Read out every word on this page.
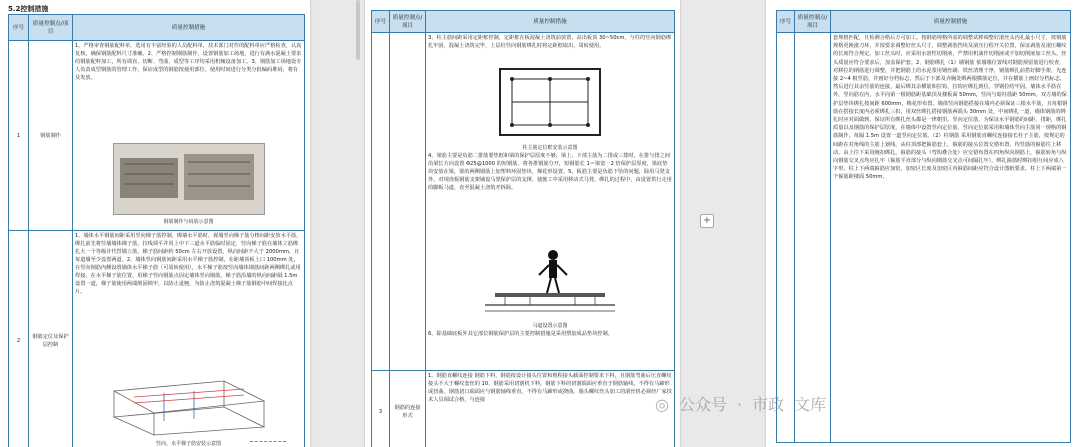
5.2控制措施
序号	质量控制点/项目	质量控制措施
1	钢筋制作	1、严格审查钢筋配料单，选用有丰富经验的人员配料单，技术部门对作的配料单应严格检查，认真复核，确保钢筋配料尺寸准确。2、严格控制钢筋制作，设置钢筋加工场地，进行有满水混凝土要求的钢筋配料加工，所有调直、切断、弯曲、成型等工序均采用机械设备加工。3、钢筋加工场地设专人负责成型钢筋的管理工作，保证成型的钢筋按使用部位、使用时间进行分类分批编码堆码，将有及发放。
钢筋制作与码放示意图

2	钢筋定位及保护层控制	1、墙体水平钢筋间距采用竖向梯子筋控制，绑墙水平筋时，视墙竖向梯子筋分格间距安放水平筋，绑扎前先将竖墙墙体梯子筋，拉线调平并用上中下三道水平筋临时固定，竖向梯子筋在墙体立筋绑扎大一个等级并代替墙立筋，梯子筋间距约 50cm 左右开放设置，纵向间距不大于 2000mm，且每道墙至少设置两道。2、墙体竖向钢筋间距采用水平梯子筋控制，在距墙顶板上口 100mm 处，在竖向钢筋内侧设置墙体水平梯子筋（可周转使用），水平梯子筋按竖向墙体钢筋间距两侧绑扎或用焊接，在水平梯子筋位置，用梯子竖向钢筋点固定墙体竖向钢筋，梯子筋沿墙的纵向间距隔 1.5m 设置一道，梯子筋使用两端削固锁牢，以防止退翘，为防止浇筑混凝土梯子筋钢筋中间焊接比点片。
竖向、水平梯子筋安装示意图
序号	质量控制点/项目	质量控制措施

		3、柱主筋间距采用定距框控制，定距框在板混凝土浇筑前放置，高出板顶 30~50cm，与柱的竖向钢筋绑扎牢固，混凝土浇筑完毕，上层柱竖向钢筋绑扎时将定距框取出，周转使用。
柱主筋定位框安装示意图
4、梁筋主要是负筋二排筋要垫框和梁的保护层厚度不够，梁上、下部主筋为二排或三排时，在排与排之间沿梁长方向设置 Φ25@1000 的短钢筋，将各排钢筋分开，短钢筋长 1＝梁宽一2 倍保护层厚度，梁底垫块安放在梁，梁的两侧钢筋上加塑料环固垫块，梯花形设置。5、板筋主要是负筋下坠的问题，除用马凳支外，对现浇板钢筋支架铺设马凳保护层的支撑，使施工中采用移动式马凳，绑扎的过程中，由设置供行走用的脚板马道，直至混凝土浇筑开拆除。
马道设置示意图
6、除基础底板外其它部位钢筋保护层的主要控制措施是采用塑胶成品垫块控制。

3	钢筋的连接形式	1、钢筋直螺纹连接 钢筋下料，钢筋按设计接头位置和规程接头截面控制要求下料，且钢筋弯曲后压直螺纹接头不大于螺纹套丝的 10、钢筋采用切割机下料，钢筋下料的切割端面应垂直于钢筋轴线，不得有马蹄形或扭曲。钢筋切口端面应与钢筋轴线垂直，不得有马蹄形或挠曲。墙头螺纹丝头加工的滚丝机必须经厂家技术人员调试合格，与连接
+
序号	质量控制点/项目	质量控制措施

		套规格匹配，且检测合格后方可加工。按钢筋规格所需的调整试棒调整好滚丝头内孔最小尺寸，按钢筋规格更换涨刀环，并按要求调整好丝头尺寸，调整剥肋挡块及滚压行程开关位置，保证剥肋及滚压螺纹的长度符合规定。加工丝头时，应采用水溶性切削液，严禁用机油作切削液或不加切削液加工丝头。丝头质量应符合要求后，加盖保护套。2、钢筋绑扎（1）墙钢筋 依墙墙位置线对钢筋预留筋进行校查，对移位的钢筋进行调整，并把钢筋上的水泥浆用钢丝刷、铁丝清理干净，钢筋绑扎前搭好脚手架。先连接 2~4 根竖筋，并画好分档标志，然后于下部及齐胸处绑两根横筋定位，并在横筋上画好分档标志，然后进行其余竖筋的连接，最后绑其余横筋和拉钩，拉钩应绑扎到位，穿钢拉结牢固。墙体水平筋在外，竖向筋在内，水平向第一根钢筋距基础顶及楼板面 50mm，竖向与暗柱筋距 50mm，双方墙的保护层垫块绑扎按间距 600mm，梅花形布置。墙体竖向钢筋搭接在墙内必须保证三根水平筋，且每根钢筋在搭接长度内必须绑扎三扣，用双丝绑扎搭接钢筋两端头 30mm 处，中间绑扎一道，墙体钢筋的绑扎时应对面做到，保证所有绑扎丝头都是一律朝里。竖向定位筋，为保证水平钢筋的间距、排距，绑扎质量以及钢筋的保护层厚度，在墙体中设置竖向定位筋，竖向定位筋采用和墙体竖向主筋同一规格的钢筋制作，每隔 1.5m 设置一道竖向定位筋。（2）柱钢筋 采用钢筋直螺纹连接接长柱子主筋，按规定的间距在对角线的主筋上划线，从柱顶部把箍筋套上，箍筋的接头位置交错布置，待竖筋的箍筋往上移动，由上往下采用缠扣绑扎。箍筋的接头（弯钩叠合处）应交错布置在四角纵向钢筋上，箍筋转角与纵向钢筋交叉点均应扎牢（箍筋平直部分与纵向钢筋交叉点可间隔扎牢），绑扎箍筋时绑扣相互间应成八字形。柱上下两端箍筋应加密，加密区长度及加密区内箍筋间距应符合设计图纸要求，柱上下两端第一个箍筋距楼面 50mm。
◎ 公众号 · 市政 文库
